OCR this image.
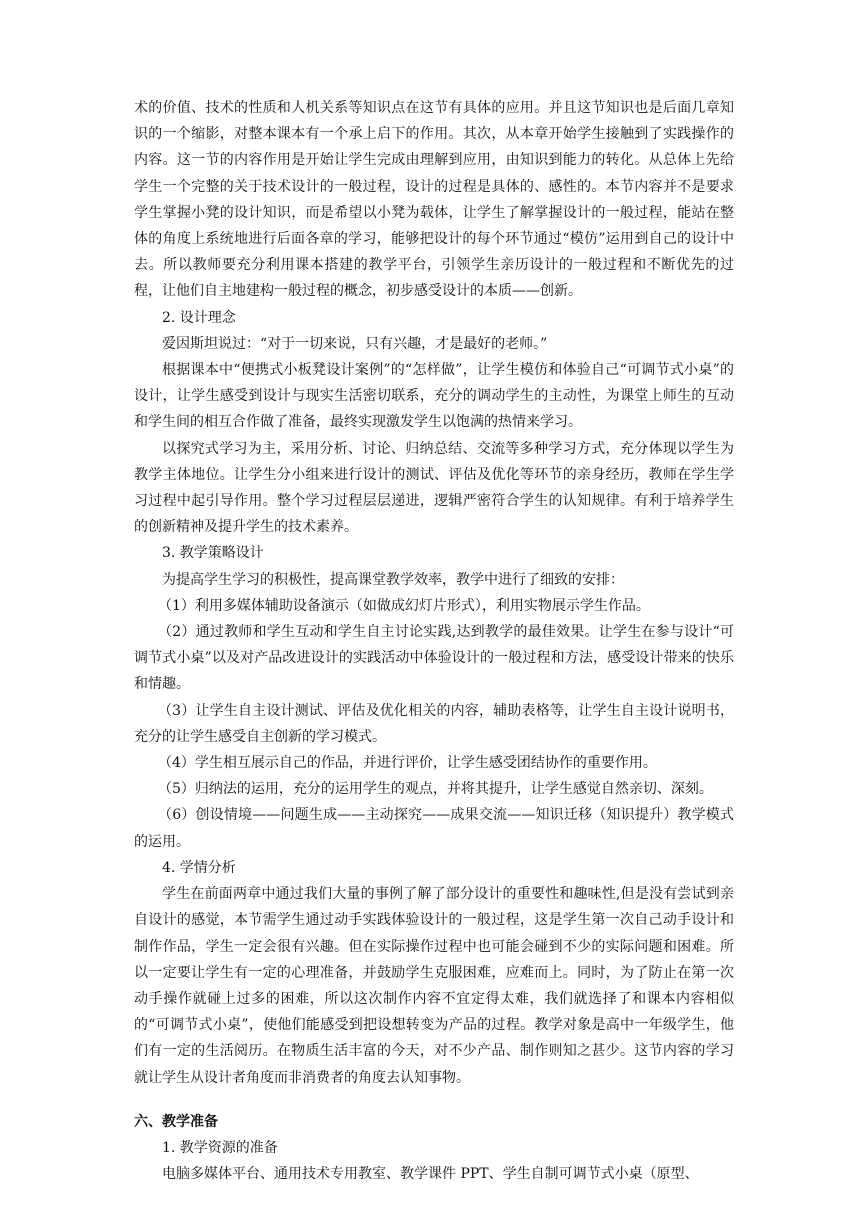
术的价值、技术的性质和人机关系等知识点在这节有具体的应用。并且这节知识也是后面几章知识的一个缩影，对整本课本有一个承上启下的作用。其次，从本章开始学生接触到了实践操作的内容。这一节的内容作用是开始让学生完成由理解到应用，由知识到能力的转化。从总体上先给学生一个完整的关于技术设计的一般过程，设计的过程是具体的、感性的。本节内容并不是要求学生掌握小凳的设计知识，而是希望以小凳为载体，让学生了解掌握设计的一般过程，能站在整体的角度上系统地进行后面各章的学习，能够把设计的每个环节通过“模仿”运用到自己的设计中去。所以教师要充分利用课本搭建的教学平台，引领学生亲历设计的一般过程和不断优先的过程，让他们自主地建构一般过程的概念，初步感受设计的本质——创新。

2. 设计理念

爱因斯坦说过：“对于一切来说，只有兴趣，才是最好的老师。”

根据课本中“便携式小板凳设计案例”的“怎样做”，让学生模仿和体验自己“可调节式小桌”的设计，让学生感受到设计与现实生活密切联系，充分的调动学生的主动性，为课堂上师生的互动和学生间的相互合作做了准备，最终实现激发学生以饱满的热情来学习。

以探究式学习为主，采用分析、讨论、归纳总结、交流等多种学习方式，充分体现以学生为教学主体地位。让学生分小组来进行设计的测试、评估及优化等环节的亲身经历，教师在学生学习过程中起引导作用。整个学习过程层层递进，逻辑严密符合学生的认知规律。有利于培养学生的创新精神及提升学生的技术素养。

3. 教学策略设计

为提高学生学习的积极性，提高课堂教学效率，教学中进行了细致的安排：

（1）利用多媒体辅助设备演示（如做成幻灯片形式），利用实物展示学生作品。

（2）通过教师和学生互动和学生自主讨论实践,达到教学的最佳效果。让学生在参与设计“可调节式小桌”以及对产品改进设计的实践活动中体验设计的一般过程和方法，感受设计带来的快乐和情趣。

（3）让学生自主设计测试、评估及优化相关的内容，辅助表格等，让学生自主设计说明书，充分的让学生感受自主创新的学习模式。

（4）学生相互展示自己的作品，并进行评价，让学生感受团结协作的重要作用。

（5）归纳法的运用，充分的运用学生的观点，并将其提升，让学生感觉自然亲切、深刻。

（6）创设情境——问题生成——主动探究——成果交流——知识迁移（知识提升）教学模式的运用。

4. 学情分析

学生在前面两章中通过我们大量的事例了解了部分设计的重要性和趣味性,但是没有尝试到亲自设计的感觉，本节需学生通过动手实践体验设计的一般过程，这是学生第一次自己动手设计和制作作品，学生一定会很有兴趣。但在实际操作过程中也可能会碰到不少的实际问题和困难。所以一定要让学生有一定的心理准备，并鼓励学生克服困难，应难而上。同时，为了防止在第一次动手操作就碰上过多的困难，所以这次制作内容不宜定得太难，我们就选择了和课本内容相似的“可调节式小桌”，使他们能感受到把设想转变为产品的过程。教学对象是高中一年级学生，他们有一定的生活阅历。在物质生活丰富的今天，对不少产品、制作则知之甚少。这节内容的学习就让学生从设计者角度而非消费者的角度去认知事物。

六、教学准备

1. 教学资源的准备

电脑多媒体平台、通用技术专用教室、教学课件 PPT、学生自制可调节式小桌（原型、
